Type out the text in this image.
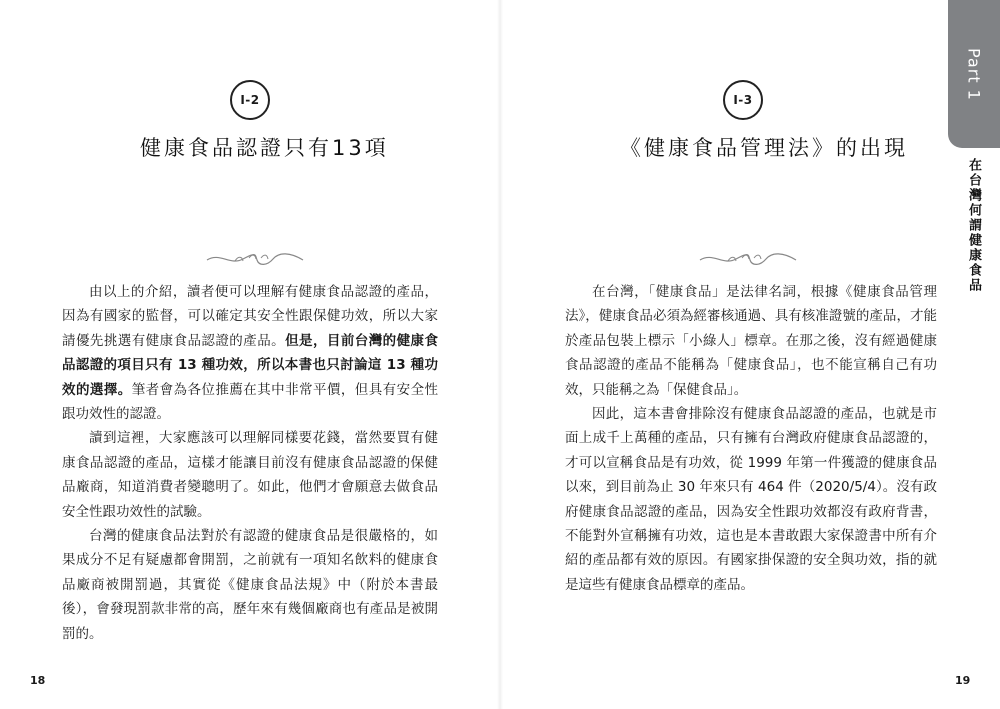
I-2
健康食品認證只有13項

由以上的介紹，讀者便可以理解有健康食品認證的產品，因為有國家的監督，可以確定其安全性跟保健功效，所以大家請優先挑選有健康食品認證的產品。但是，目前台灣的健康食品認證的項目只有 13 種功效，所以本書也只討論這 13 種功效的選擇。筆者會為各位推薦在其中非常平價，但具有安全性跟功效性的認證。

讀到這裡，大家應該可以理解同樣要花錢，當然要買有健康食品認證的產品，這樣才能讓目前沒有健康食品認證的保健品廠商，知道消費者變聰明了。如此，他們才會願意去做食品安全性跟功效性的試驗。

台灣的健康食品法對於有認證的健康食品是很嚴格的，如果成分不足有疑慮都會開罰，之前就有一項知名飲料的健康食品廠商被開罰過，其實從《健康食品法規》中（附於本書最後），會發現罰款非常的高，歷年來有幾個廠商也有產品是被開罰的。

18
I-3
《健康食品管理法》的出現
19

在台灣，「健康食品」是法律名詞，根據《健康食品管理法》，健康食品必須為經審核通過、具有核准證號的產品，才能於產品包裝上標示「小綠人」標章。在那之後，沒有經過健康食品認證的產品不能稱為「健康食品」，也不能宣稱自己有功效，只能稱之為「保健食品」。

因此，這本書會排除沒有健康食品認證的產品，也就是市面上成千上萬種的產品，只有擁有台灣政府健康食品認證的，才可以宣稱食品是有功效，從 1999 年第一件獲證的健康食品以來，到目前為止 30 年來只有 464 件（2020/5/4）。沒有政府健康食品認證的產品，因為安全性跟功效都沒有政府背書，不能對外宣稱擁有功效，這也是本書敢跟大家保證書中所有介紹的產品都有效的原因。有國家掛保證的安全與功效，指的就是這些有健康食品標章的產品。

Part 1
在台灣何謂健康食品
